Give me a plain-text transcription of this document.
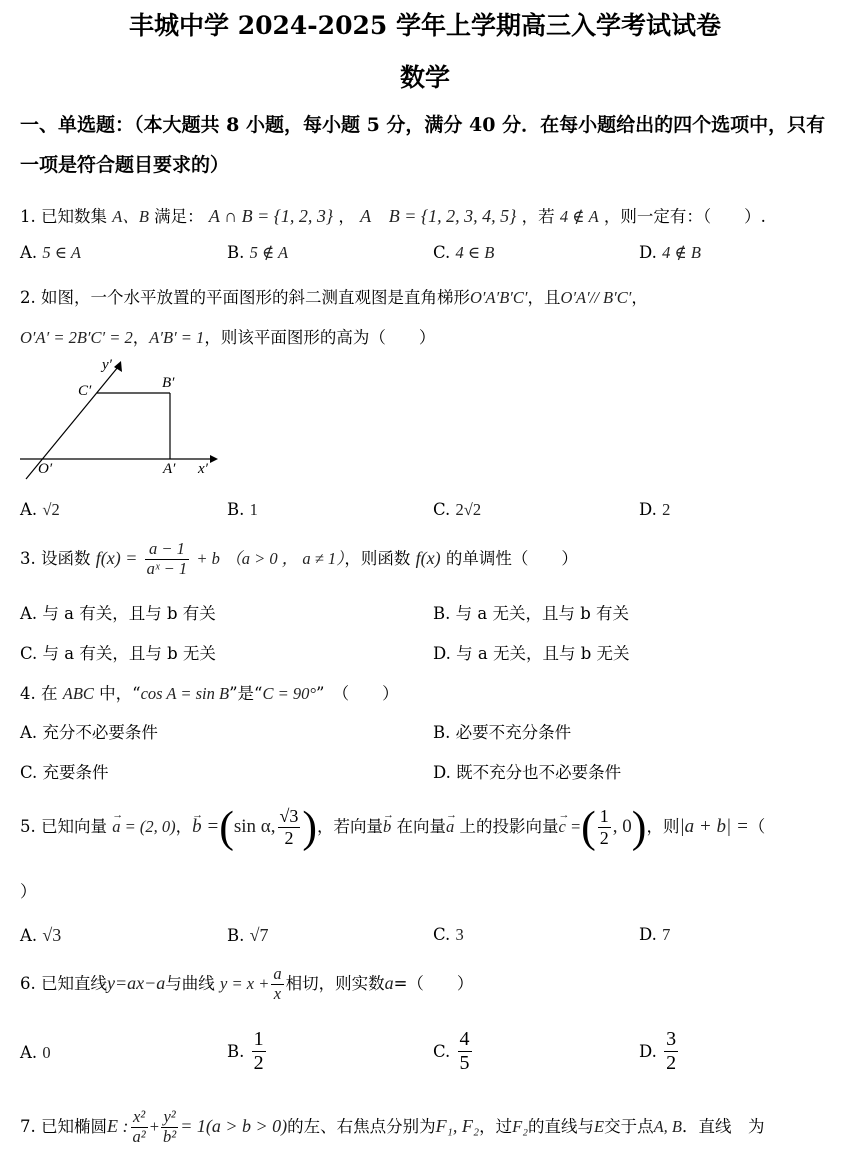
丰城中学 2024-2025 学年上学期高三入学考试试卷
数学
一、单选题：（本大题共 8 小题，每小题 5 分，满分 40 分．在每小题给出的四个选项中，只有
一项是符合题目要求的）
1. 已知数集 A、B 满足： A ∩ B = {1, 2, 3} ， A    B = {1, 2, 3, 4, 5} ，若 4 ∉ A ，则一定有：（　　）.
A. 5 ∈ A	B. 5 ∉ A	C. 4 ∈ B	D. 4 ∉ B
2. 如图，一个水平放置的平面图形的斜二测直观图是直角梯形O′A′B′C′，且O′A′// B′C′，
O′A′ = 2B′C′ = 2，A′B′ = 1，则该平面图形的高为（　　）
y′
C′	B′
O′	A′ x′
A. √2	B. 1	C. 2√2	D. 2
3. 设函数 $f(x) = \frac{a - 1}{\text{aˣ − 1}} + b$ （a > 0 ， a ≠ 1），则函数 f(x) 的单调性（　　）
A. 与 a 有关，且与 b 有关	B. 与 a 无关，且与 b 有关
C. 与 a 有关，且与 b 无关	D. 与 a 无关，且与 b 无关
4. 在 ABC 中，“cos A = sin B”是“C = 90°”　（　　）
A. 充分不必要条件	B. 必要不充分条件
C. 充要条件	D. 既不充分也不必要条件
5. 已知向量 → a = (2, 0)，→ b =(sin α, $\frac{√3}{2}$ )，若向量→ b 在向量→ a 上的投影向量→ c =( $\frac{1}{2}$ , 0)，则|a + b| =（
）
A. √3	B. √7	C. 3	D. 7
6. 已知直线y=ax−a与曲线 $y = x + \frac{a}{x}$ 相切，则实数a=（　　）
A. 0	B. $\frac{1}{2}$	C. $\frac{4}{5}$	D. $\frac{3}{2}$
7. 已知椭圆E : $\frac{\text{x²}}{\text{a²}} + \frac{\text{y²}}{\text{b²}} = 1(a > b > 0)$的左、右焦点分别为F₁, F₂，过F₂的直线与E交于点A, B．直线　为
